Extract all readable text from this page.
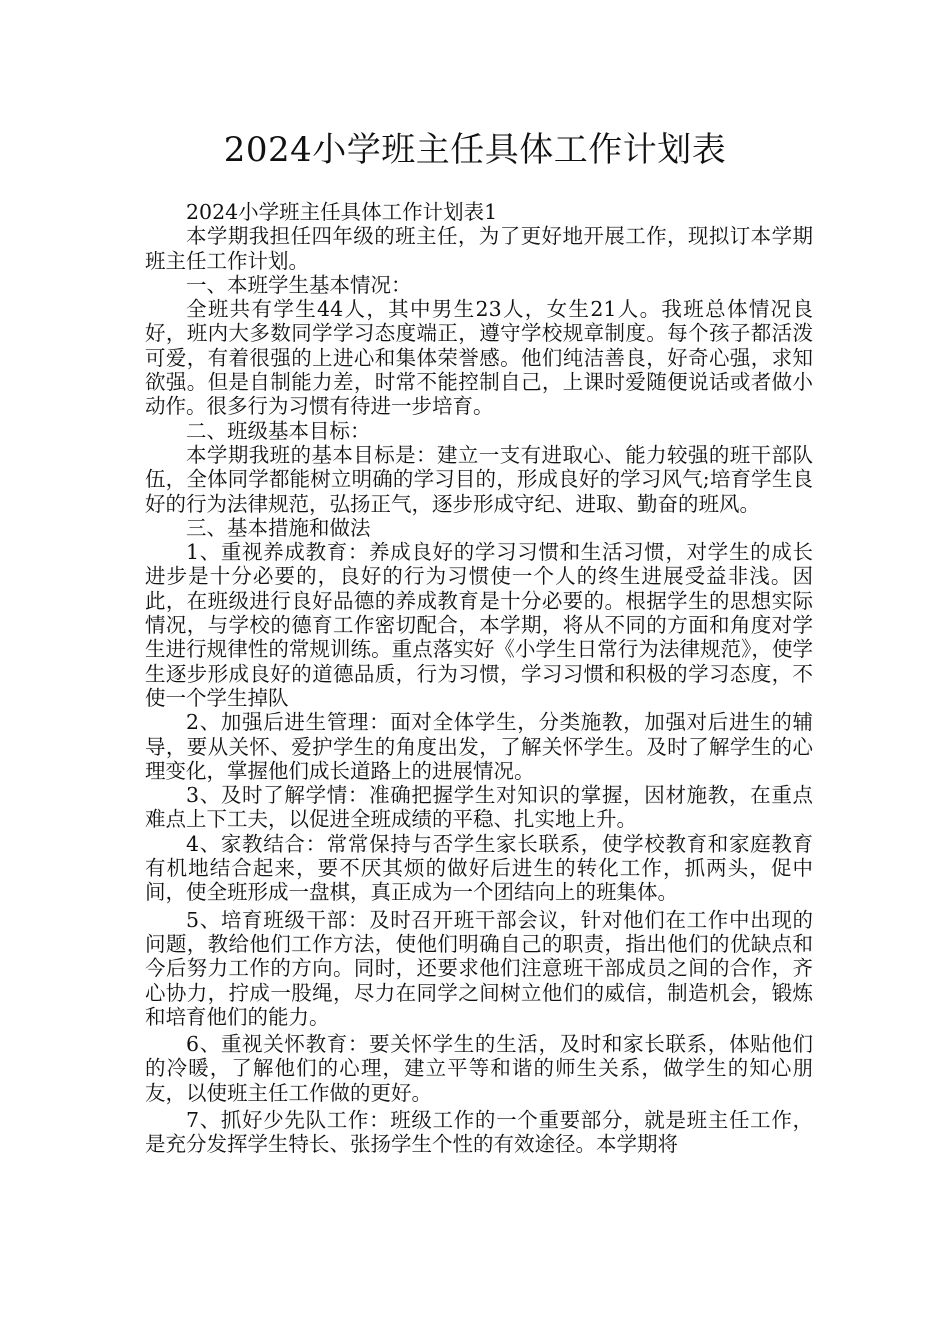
2024小学班主任具体工作计划表

2024小学班主任具体工作计划表1

本学期我担任四年级的班主任，为了更好地开展工作，现拟订本学期班主任工作计划。

一、本班学生基本情况：

全班共有学生44人，其中男生23人，女生21人。我班总体情况良好，班内大多数同学学习态度端正，遵守学校规章制度。每个孩子都活泼可爱，有着很强的上进心和集体荣誉感。他们纯洁善良，好奇心强，求知欲强。但是自制能力差，时常不能控制自己，上课时爱随便说话或者做小动作。很多行为习惯有待进一步培育。

二、班级基本目标：

本学期我班的基本目标是：建立一支有进取心、能力较强的班干部队伍，全体同学都能树立明确的学习目的，形成良好的学习风气;培育学生良好的行为法律规范，弘扬正气，逐步形成守纪、进取、勤奋的班风。

三、基本措施和做法

1、重视养成教育：养成良好的学习习惯和生活习惯，对学生的成长进步是十分必要的，良好的行为习惯使一个人的终生进展受益非浅。因此，在班级进行良好品德的养成教育是十分必要的。根据学生的思想实际情况，与学校的德育工作密切配合，本学期，将从不同的方面和角度对学生进行规律性的常规训练。重点落实好《小学生日常行为法律规范》，使学生逐步形成良好的道德品质，行为习惯，学习习惯和积极的学习态度，不使一个学生掉队

2、加强后进生管理：面对全体学生，分类施教，加强对后进生的辅导，要从关怀、爱护学生的角度出发，了解关怀学生。及时了解学生的心理变化，掌握他们成长道路上的进展情况。

3、及时了解学情：准确把握学生对知识的掌握，因材施教，在重点难点上下工夫，以促进全班成绩的平稳、扎实地上升。

4、家教结合：常常保持与否学生家长联系，使学校教育和家庭教育有机地结合起来，要不厌其烦的做好后进生的转化工作，抓两头，促中间，使全班形成一盘棋，真正成为一个团结向上的班集体。

5、培育班级干部：及时召开班干部会议，针对他们在工作中出现的问题，教给他们工作方法，使他们明确自己的职责，指出他们的优缺点和今后努力工作的方向。同时，还要求他们注意班干部成员之间的合作，齐心协力，拧成一股绳，尽力在同学之间树立他们的威信，制造机会，锻炼和培育他们的能力。

6、重视关怀教育：要关怀学生的生活，及时和家长联系，体贴他们的冷暖，了解他们的心理，建立平等和谐的师生关系，做学生的知心朋友，以使班主任工作做的更好。

7、抓好少先队工作：班级工作的一个重要部分，就是班主任工作，是充分发挥学生特长、张扬学生个性的有效途径。本学期将
